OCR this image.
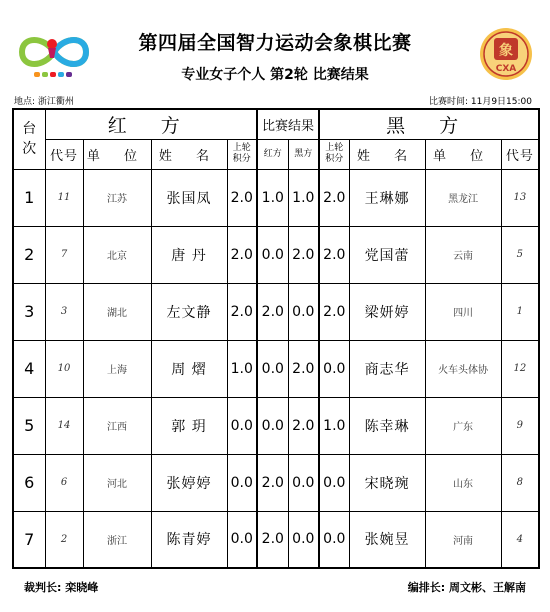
象
CXA
第四届全国智力运动会象棋比赛
专业女子个人 第2轮 比赛结果
地点: 浙江衢州	比赛时间: 11月9日15:00
台次	红 方				比赛结果		黑 方			
	代号	单 位	姓 名	上轮积分	红方	黑方	上轮积分	姓 名	单 位	代号
1	11	江苏	张国凤	2.0	1.0	1.0	2.0	王琳娜	黑龙江	13
2	7	北京	唐 丹	2.0	0.0	2.0	2.0	党国蕾	云南	5
3	3	湖北	左文静	2.0	2.0	0.0	2.0	梁妍婷	四川	1
4	10	上海	周 熠	1.0	0.0	2.0	0.0	商志华	火车头体协	12
5	14	江西	郭 玥	0.0	0.0	2.0	1.0	陈幸琳	广东	9
6	6	河北	张婷婷	0.0	2.0	0.0	0.0	宋晓琬	山东	8
7	2	浙江	陈青婷	0.0	2.0	0.0	0.0	张婉昱	河南	4
裁判长: 栾晓峰	编排长: 周文彬、王解南
